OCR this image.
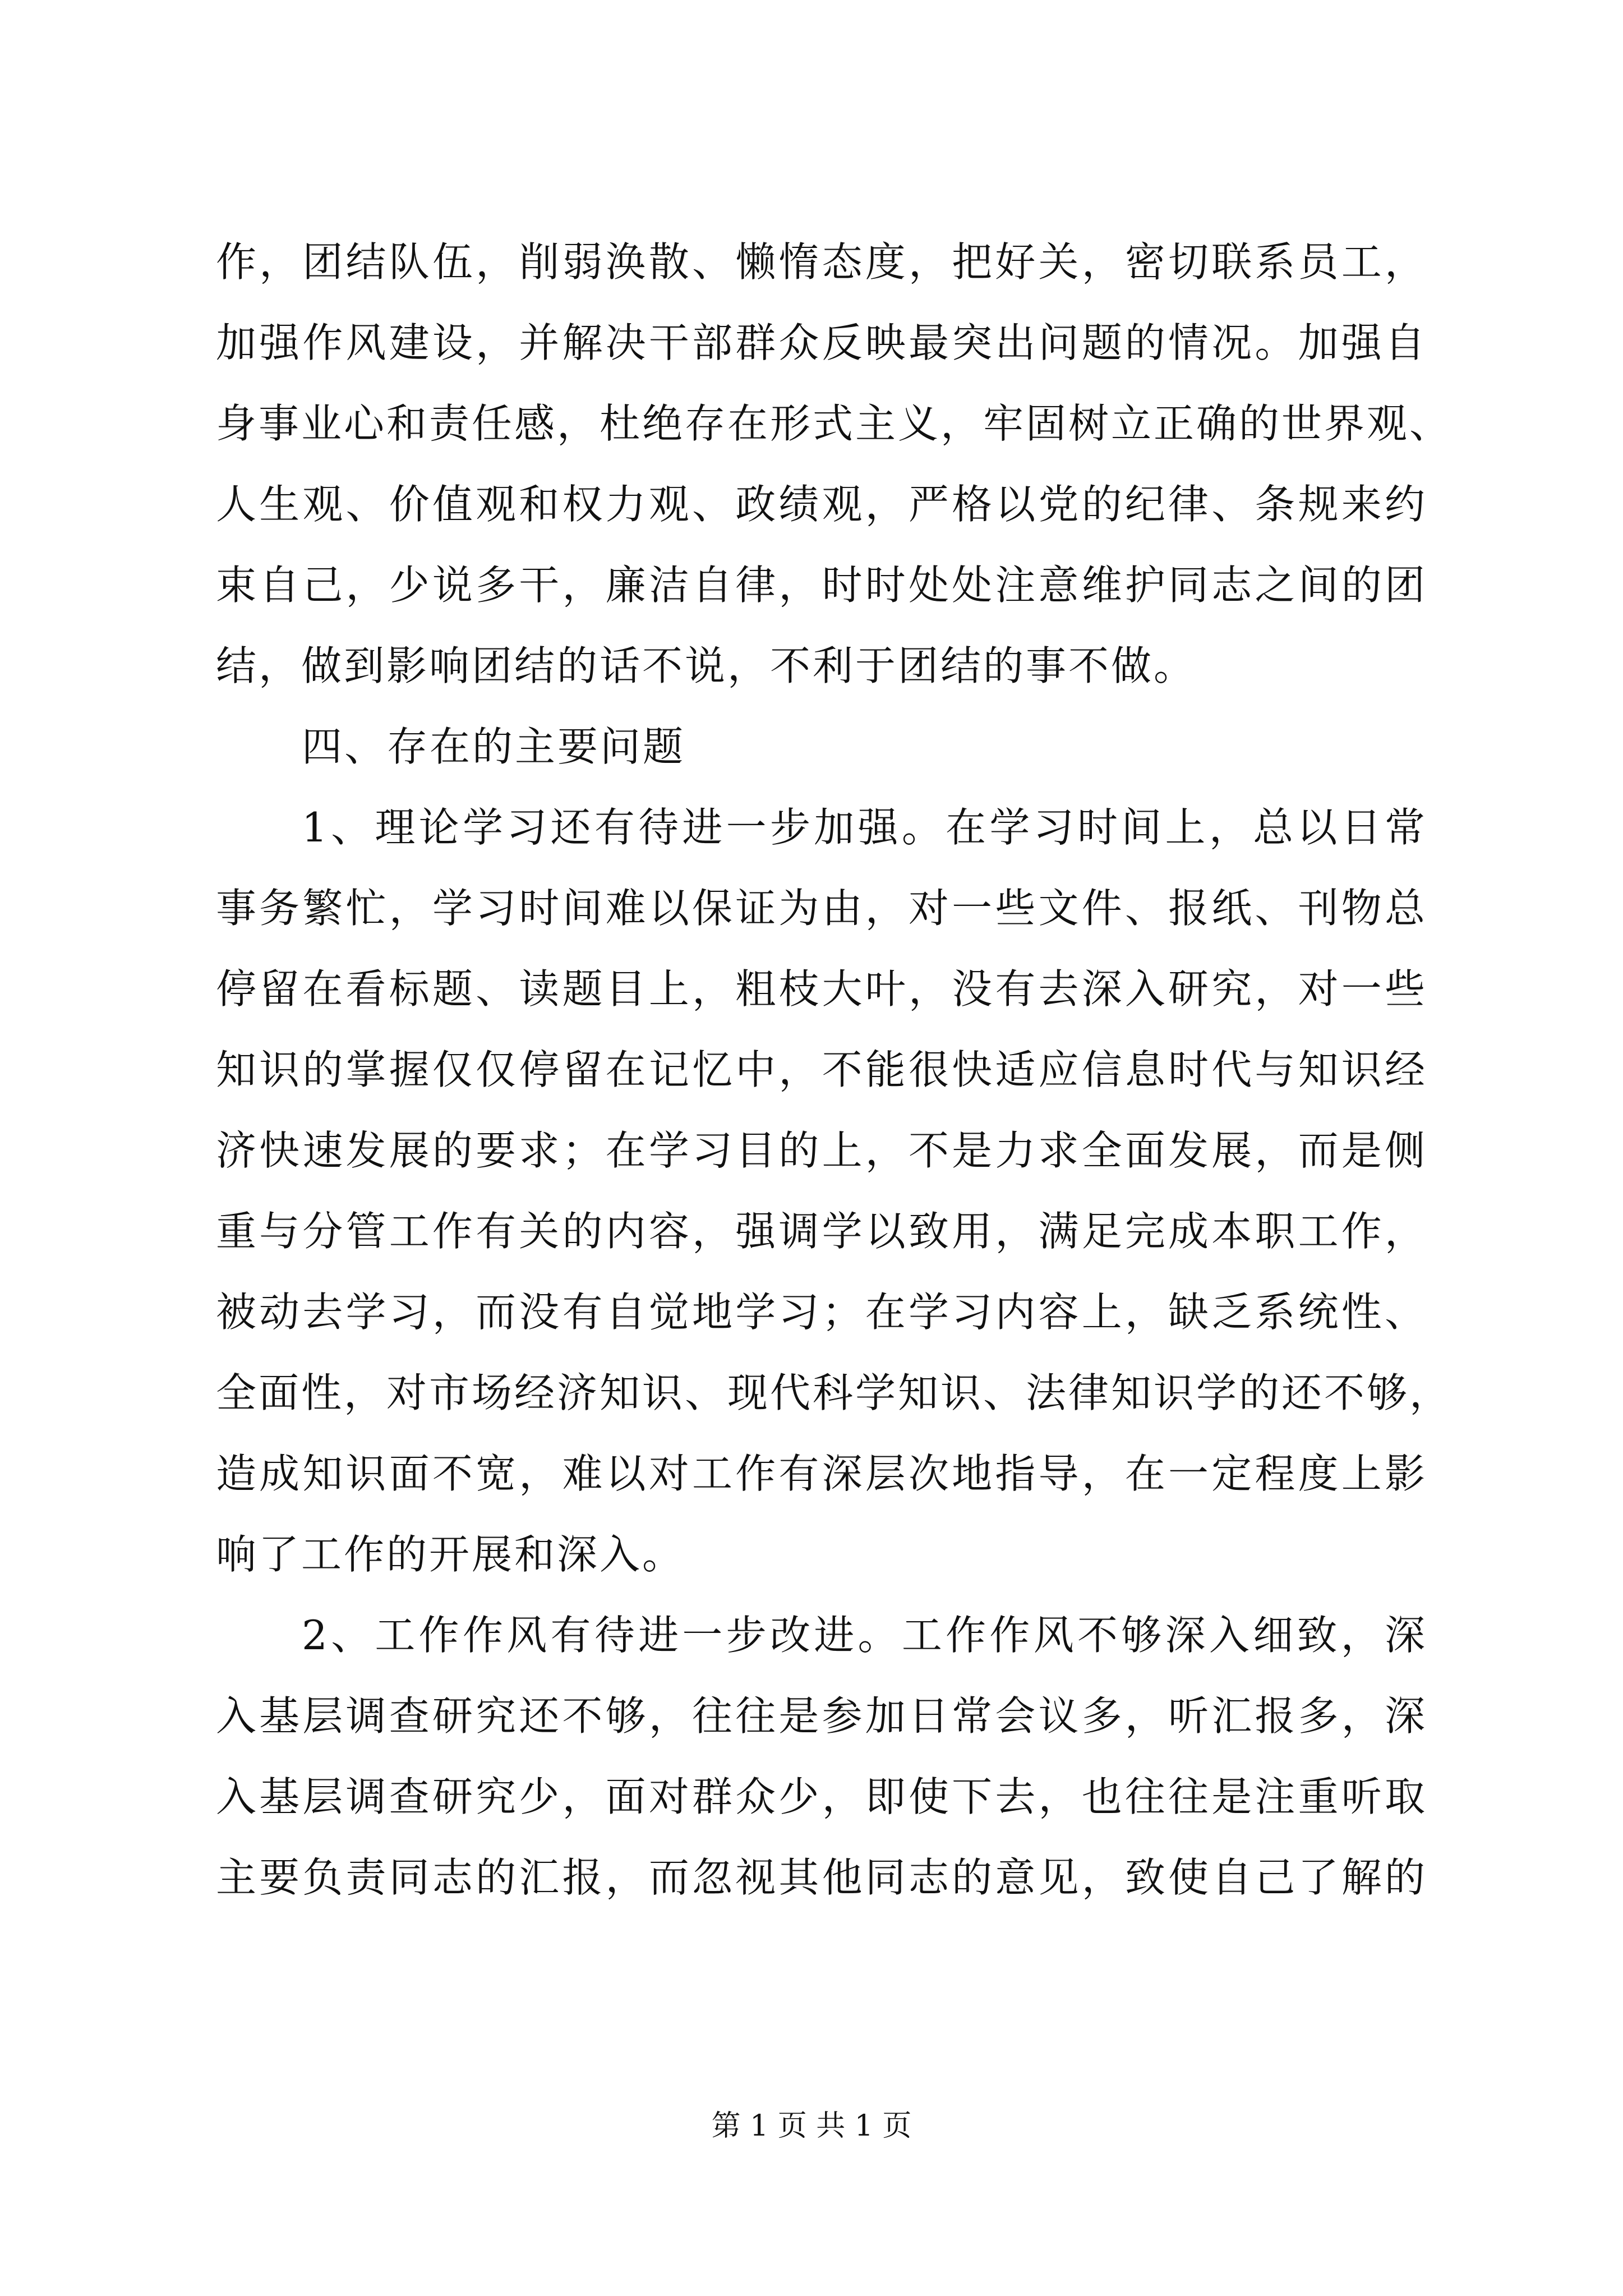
作，团结队伍，削弱涣散、懒惰态度，把好关，密切联系员工，
加强作风建设，并解决干部群众反映最突出问题的情况。加强自
身事业心和责任感，杜绝存在形式主义，牢固树立正确的世界观、
人生观、价值观和权力观、政绩观，严格以党的纪律、条规来约
束自己，少说多干，廉洁自律，时时处处注意维护同志之间的团
结，做到影响团结的话不说，不利于团结的事不做。
四、存在的主要问题
1、理论学习还有待进一步加强。在学习时间上，总以日常
事务繁忙，学习时间难以保证为由，对一些文件、报纸、刊物总
停留在看标题、读题目上，粗枝大叶，没有去深入研究，对一些
知识的掌握仅仅停留在记忆中，不能很快适应信息时代与知识经
济快速发展的要求；在学习目的上，不是力求全面发展，而是侧
重与分管工作有关的内容，强调学以致用，满足完成本职工作，
被动去学习，而没有自觉地学习；在学习内容上，缺乏系统性、
全面性，对市场经济知识、现代科学知识、法律知识学的还不够，
造成知识面不宽，难以对工作有深层次地指导，在一定程度上影
响了工作的开展和深入。
2、工作作风有待进一步改进。工作作风不够深入细致，深
入基层调查研究还不够，往往是参加日常会议多，听汇报多，深
入基层调查研究少，面对群众少，即使下去，也往往是注重听取
主要负责同志的汇报，而忽视其他同志的意见，致使自己了解的
第 1 页 共 1 页
